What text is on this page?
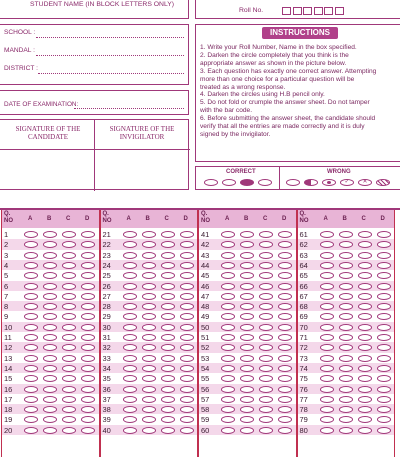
STUDENT NAME (IN BLOCK LETTERS ONLY)
Roll No.
SCHOOL :
MANDAL :
DISTRICT :
DATE OF EXAMINATION:
SIGNATURE OF THE
CANDIDATE
SIGNATURE OF THE
INVIGILATOR
INSTRUCTIONS
1. Write your Roll Number, Name in the box specified.
2. Darken the circle completely that you think is the
appropriate answer as shown in the picture below.
3. Each question has exactly one correct answer. Attempting
more than one choice for a particular question will be
treated as a wrong response.
4. Darken the circles using H.B pencil only.
5. Do not fold or crumple the answer sheet. Do not tamper
with the bar code.
6. Before submitting the answer sheet, the candidate should
verify that all the entries are made correctly and it is duly
signed by the invigilator.
CORRECT	WRONG
✓	✕
Q.
NO	A B C D
1
2
3
4
5
6
7
8
9
10
11
12
13
14
15
16
17
18
19
20
Q.
NO	A B C D
21
22
23
24
25
26
27
28
29
30
31
32
33
34
35
36
37
38
39
40
Q.
NO	A B C D
41
42
43
44
45
46
47
48
49
50
51
52
53
54
55
56
57
58
59
60
Q.
NO	A B C D
61
62
63
64
65
66
67
68
69
70
71
72
73
74
75
76
77
78
79
80
